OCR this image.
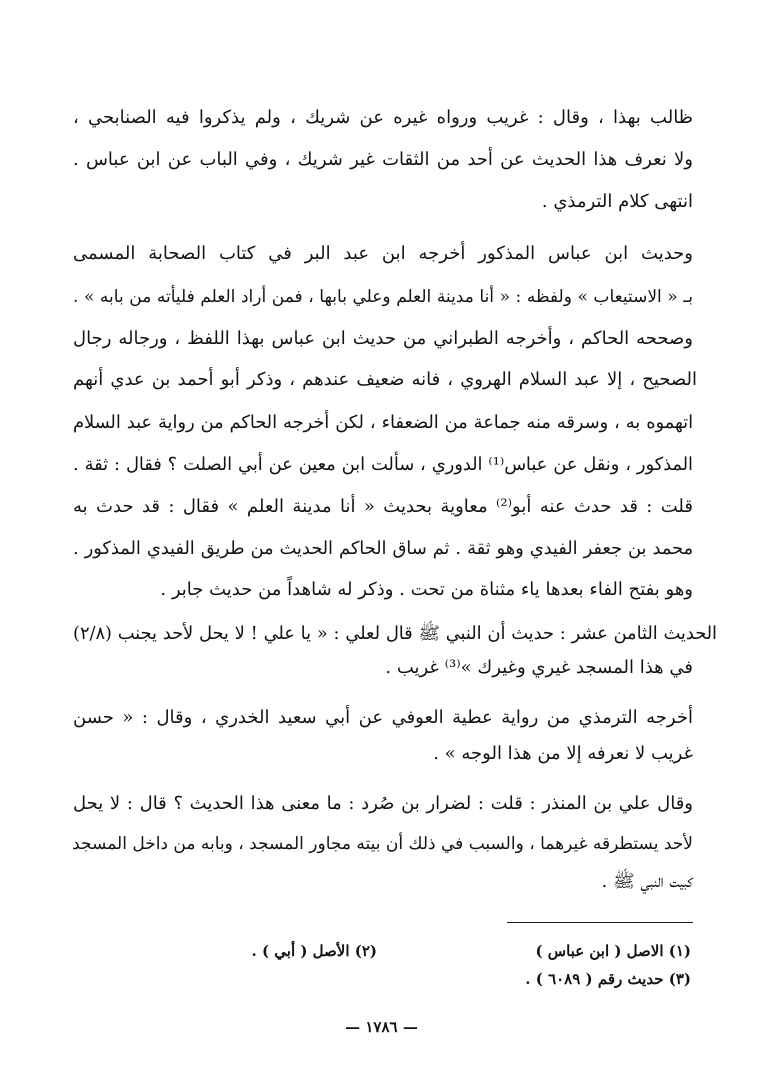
ظالب بهذا ، وقال : غريب ورواه غيره عن شريك ، ولم يذكروا فيه الصنابحي ،
ولا نعرف هذا الحديث عن أحد من الثقات غير شريك ، وفي الباب عن ابن عباس .
انتهى كلام الترمذي .
وحديث ابن عباس المذكور أخرجه ابن عبد البر في كتاب الصحابة المسمى
بـ « الاستيعاب » ولفظه : « أنا مدينة العلم وعلي بابها ، فمن أراد العلم فليأته من بابه » .
وصححه الحاكم ، وأخرجه الطبراني من حديث ابن عباس بهذا اللفظ ، ورجاله رجال
الصحيح ، إلا عبد السلام الهروي ، فانه ضعيف عندهم ، وذكر أبو أحمد بن عدي أنهم
اتهموه به ، وسرقه منه جماعة من الضعفاء ، لكن أخرجه الحاكم من رواية عبد السلام
المذكور ، ونقل عن عباس⁽¹⁾ الدوري ، سألت ابن معين عن أبي الصلت ؟ فقال : ثقة .
قلت : قد حدث عنه أبو⁽²⁾ معاوية بحديث « أنا مدينة العلم » فقال : قد حدث به
محمد بن جعفر الفيدي وهو ثقة . ثم ساق الحاكم الحديث من طريق الفيدي المذكور .
وهو بفتح الفاء بعدها ياء مثناة من تحت . وذكر له شاهداً من حديث جابر .
الحديث الثامن عشر : حديث أن النبي ﷺ قال لعلي : « يا علي ! لا يحل لأحد يجنب (٢/٨)
في هذا المسجد غيري وغيرك »⁽³⁾ غريب .
أخرجه الترمذي من رواية عطية العوفي عن أبي سعيد الخدري ، وقال : « حسن
غريب لا نعرفه إلا من هذا الوجه » .
وقال علي بن المنذر : قلت : لضرار بن صُرد : ما معنى هذا الحديث ؟ قال : لا يحل
لأحد يستطرقه غيرهما ، والسبب في ذلك أن بيته مجاور المسجد ، وبابه من داخل المسجد
كبيت النبي ﷺ .
(١) الاصل ( ابن عباس )
(٢) الأصل ( أبي ) .
(٣) حديث رقم ( ٦٠٨٩ ) .
— ١٧٨٦ —
